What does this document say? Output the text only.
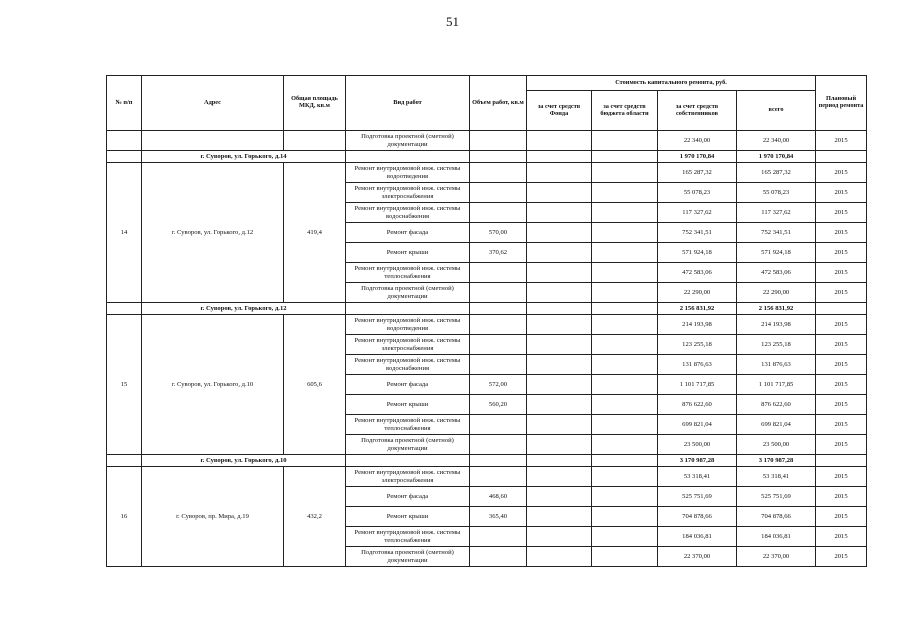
51
№ п/п	Адрес	Общая площадь МКД, кв.м	Вид работ	Объем работ, кв.м	Стоимость капитального ремонта, руб.				Плановый период ремонта
					за счет средств Фонда	за счет средств бюджета области	за счет средств собственников	всего	
			Подготовка проектной (сметной) документации				22 340,00	22 340,00	2015
	г. Суворов, ул. Горького, д.14						1 970 170,84	1 970 170,84	
14	г. Суворов, ул. Горького, д.12	419,4	Ремонт внутридомовой инж. системы водоотведения				165 287,32	165 287,32	2015
			Ремонт внутридомовой инж. системы электроснабжения				55 078,23	55 078,23	2015
			Ремонт внутридомовой инж. системы водоснабжения				117 327,62	117 327,62	2015
			Ремонт фасада	570,00			752 341,51	752 341,51	2015
			Ремонт крыши	370,62			571 924,18	571 924,18	2015
			Ремонт внутридомовой инж. системы теплоснабжения				472 583,06	472 583,06	2015
			Подготовка проектной (сметной) документации				22 290,00	22 290,00	2015
	г. Суворов, ул. Горького, д.12						2 156 831,92	2 156 831,92	
15	г. Суворов, ул. Горького, д.10	605,6	Ремонт внутридомовой инж. системы водоотведения				214 193,98	214 193,98	2015
			Ремонт внутридомовой инж. системы электроснабжения				123 255,18	123 255,18	2015
			Ремонт внутридомовой инж. системы водоснабжения				131 876,63	131 876,63	2015
			Ремонт фасада	572,00			1 101 717,85	1 101 717,85	2015
			Ремонт крыши	560,20			876 622,60	876 622,60	2015
			Ремонт внутридомовой инж. системы теплоснабжения				699 821,04	699 821,04	2015
			Подготовка проектной (сметной) документации				23 500,00	23 500,00	2015
	г. Суворов, ул. Горького, д.10						3 170 987,28	3 170 987,28	
16	г. Суворов, пр. Мира, д.19	432,2	Ремонт внутридомовой инж. системы электроснабжения				53 318,41	53 318,41	2015
			Ремонт фасада	468,60			525 751,69	525 751,69	2015
			Ремонт крыши	365,40			704 878,66	704 878,66	2015
			Ремонт внутридомовой инж. системы теплоснабжения				184 036,81	184 036,81	2015
			Подготовка проектной (сметной) документации				22 370,00	22 370,00	2015
